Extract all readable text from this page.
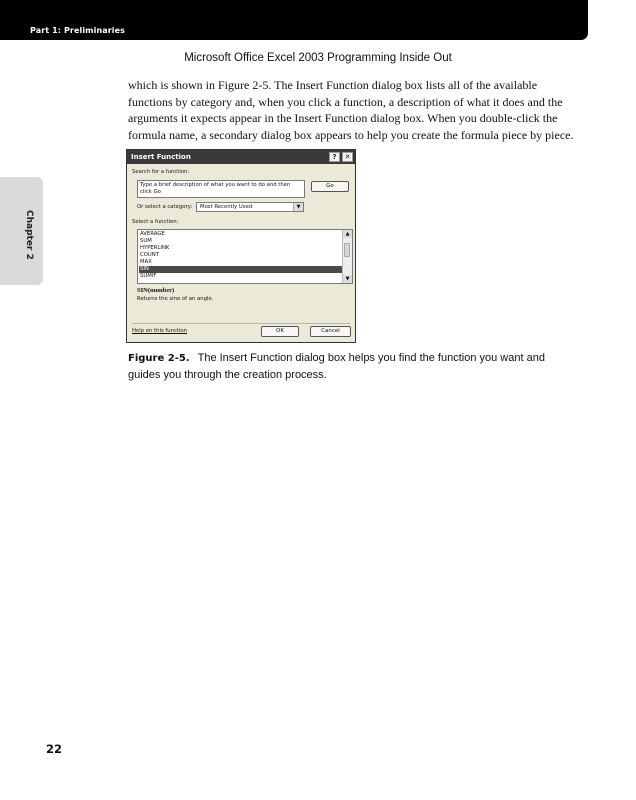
Part 1: Preliminaries
Microsoft Office Excel 2003 Programming Inside Out

which is shown in Figure 2-5. The Insert Function dialog box lists all of the available functions by category and, when you click a function, a description of what it does and the arguments it expects appear in the Insert Function dialog box. When you double-click the formula name, a secondary dialog box appears to help you create the formula piece by piece.

Chapter 2
Insert Function	?	✕
Search for a function:
Type a brief description of what you want to do and then click Go
Go
Or select a category: Most Recently Used	▼
Select a function:
AVERAGE
SUM
HYPERLINK
COUNT
MAX
SIN
SUMIF
▲
▼
SIN(number)
Returns the sine of an angle.
Help on this function	OK	Cancel

Figure 2-5. The Insert Function dialog box helps you find the function you want and guides you through the creation process.

22
